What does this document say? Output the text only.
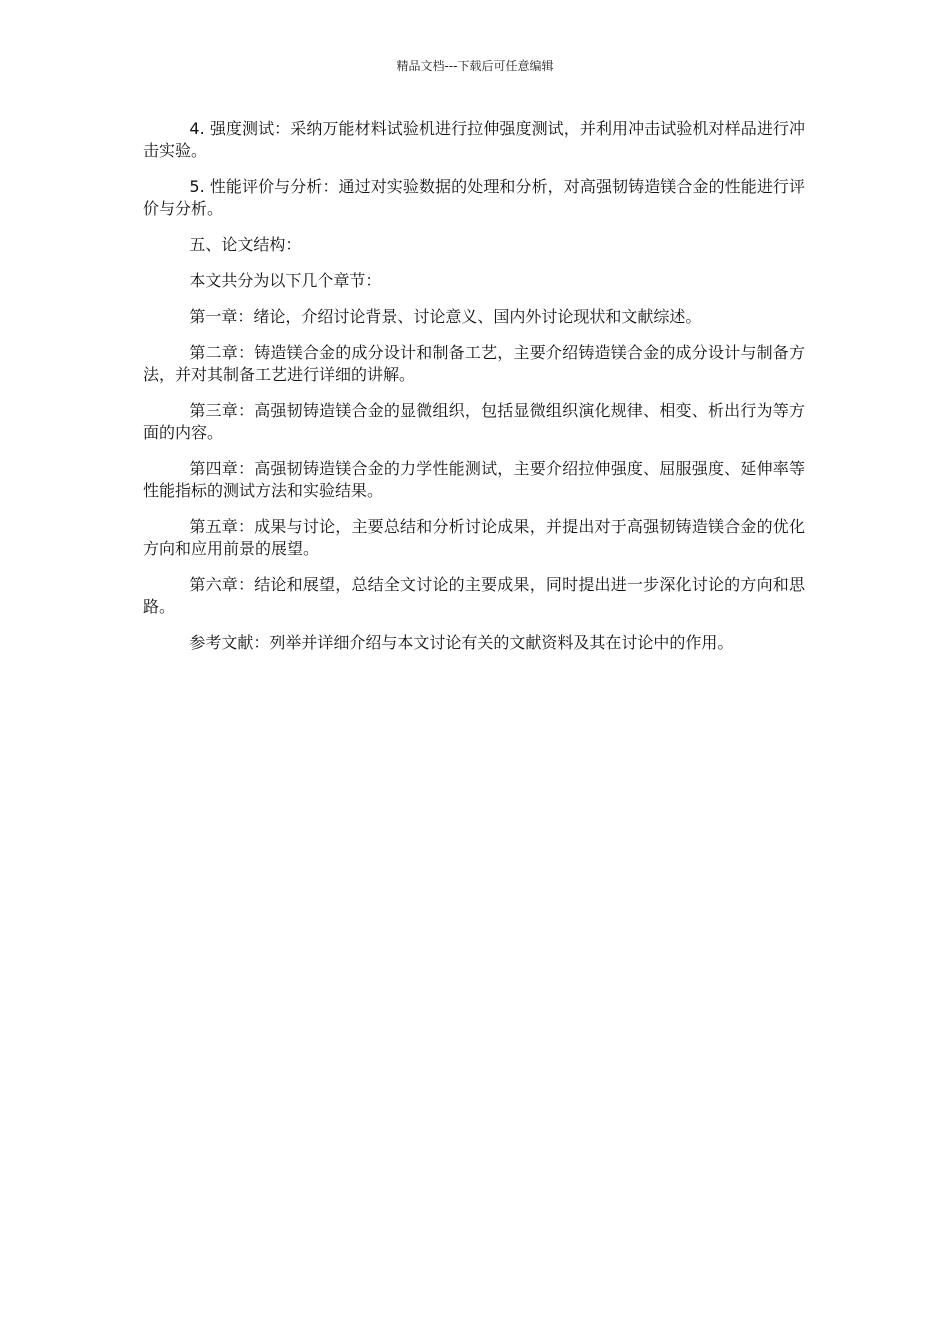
精品文档---下载后可任意编辑

4. 强度测试：采纳万能材料试验机进行拉伸强度测试，并利用冲击试验机对样品进行冲击实验。

5. 性能评价与分析：通过对实验数据的处理和分析，对高强韧铸造镁合金的性能进行评价与分析。

五、论文结构：

本文共分为以下几个章节：

第一章：绪论，介绍讨论背景、讨论意义、国内外讨论现状和文献综述。

第二章：铸造镁合金的成分设计和制备工艺，主要介绍铸造镁合金的成分设计与制备方法，并对其制备工艺进行详细的讲解。

第三章：高强韧铸造镁合金的显微组织，包括显微组织演化规律、相变、析出行为等方面的内容。

第四章：高强韧铸造镁合金的力学性能测试，主要介绍拉伸强度、屈服强度、延伸率等性能指标的测试方法和实验结果。

第五章：成果与讨论，主要总结和分析讨论成果，并提出对于高强韧铸造镁合金的优化方向和应用前景的展望。

第六章：结论和展望，总结全文讨论的主要成果，同时提出进一步深化讨论的方向和思路。

参考文献：列举并详细介绍与本文讨论有关的文献资料及其在讨论中的作用。
